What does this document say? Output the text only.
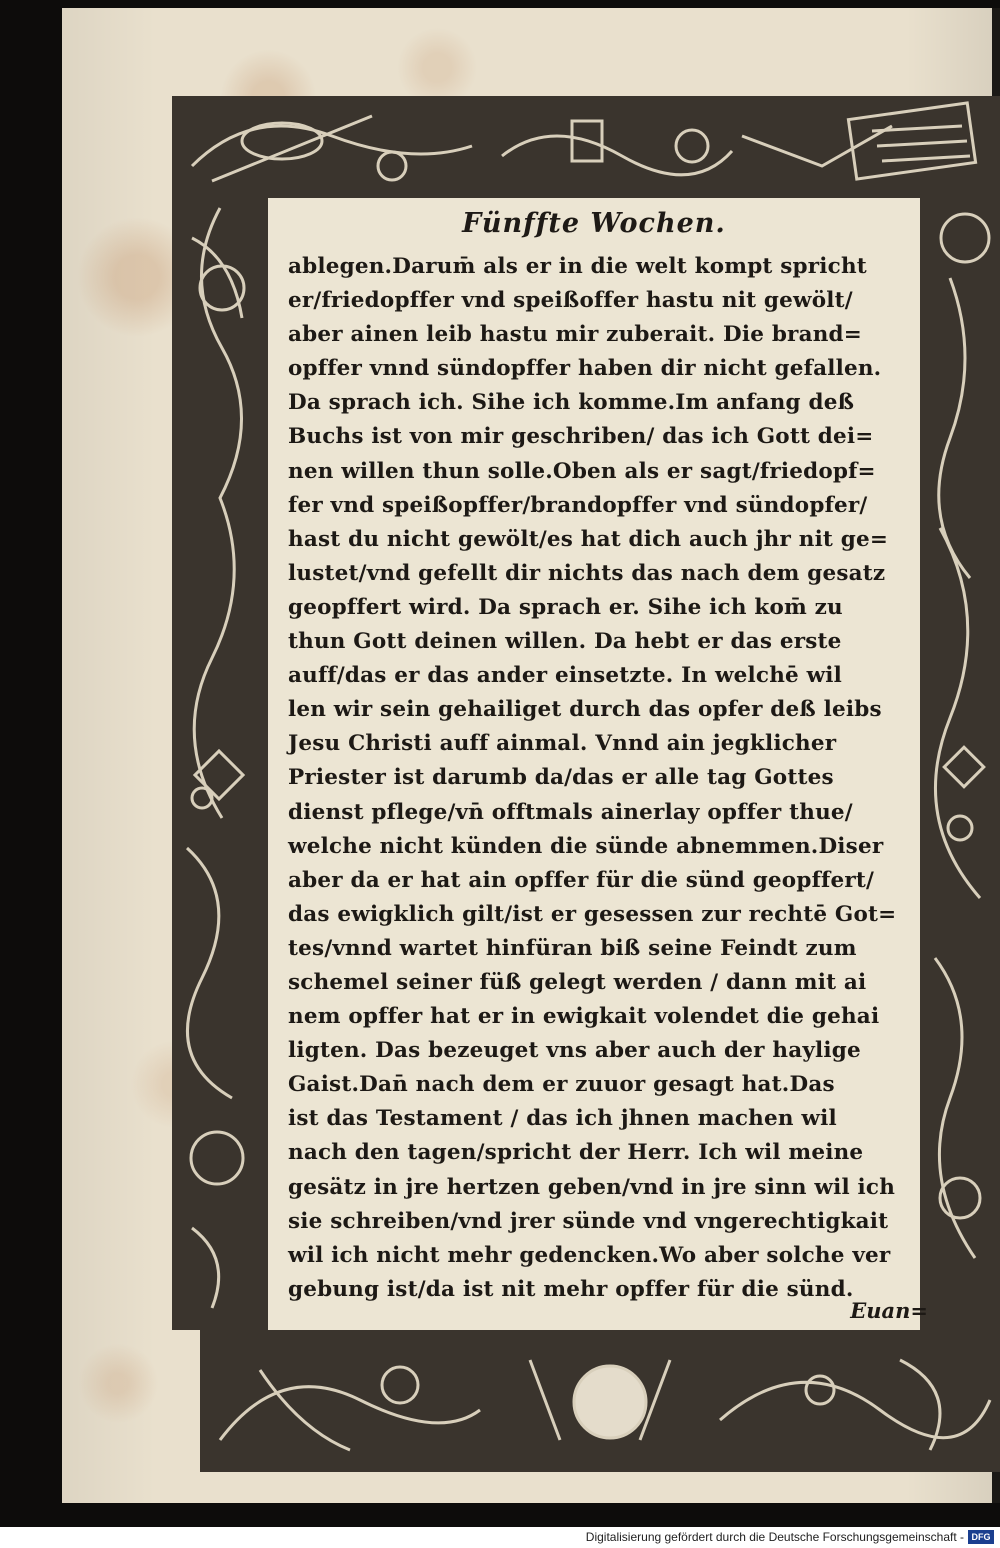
Fünffte Wochen.
ablegen.Darum̄ als er in die welt kompt spricht
er/friedopffer vnd speißoffer hastu nit gewölt/
aber ainen leib hastu mir zuberait. Die brand=
opffer vnnd sündopffer haben dir nicht gefallen.
Da sprach ich. Sihe ich komme.Im anfang deß
Buchs ist von mir geschriben/ das ich Gott dei=
nen willen thun solle.Oben als er sagt/friedopf=
fer vnd speißopffer/brandopffer vnd sündopfer/
hast du nicht gewölt/es hat dich auch jhr nit ge=
lustet/vnd gefellt dir nichts das nach dem gesatz
geopffert wird. Da sprach er. Sihe ich kom̄ zu
thun Gott deinen willen. Da hebt er das erste
auff/das er das ander einsetzte. In welchē wil
len wir sein gehailiget durch das opfer deß leibs
Jesu Christi auff ainmal. Vnnd ain jegklicher
Priester ist darumb da/das er alle tag Gottes
dienst pflege/vn̄ offtmals ainerlay opffer thue/
welche nicht künden die sünde abnemmen.Diser
aber da er hat ain opffer für die sünd geopffert/
das ewigklich gilt/ist er gesessen zur rechtē Got=
tes/vnnd wartet hinfüran biß seine Feindt zum
schemel seiner füß gelegt werden / dann mit ai
nem opffer hat er in ewigkait volendet die gehai
ligten. Das bezeuget vns aber auch der haylige
Gaist.Dan̄ nach dem er zuuor gesagt hat.Das
ist das Testament / das ich jhnen machen wil
nach den tagen/spricht der Herr. Ich wil meine
gesätz in jre hertzen geben/vnd in jre sinn wil ich
sie schreiben/vnd jrer sünde vnd vngerechtigkait
wil ich nicht mehr gedencken.Wo aber solche ver
gebung ist/da ist nit mehr opffer für die sünd.
Euan=
Digitalisierung gefördert durch die Deutsche Forschungsgemeinschaft - DFG
